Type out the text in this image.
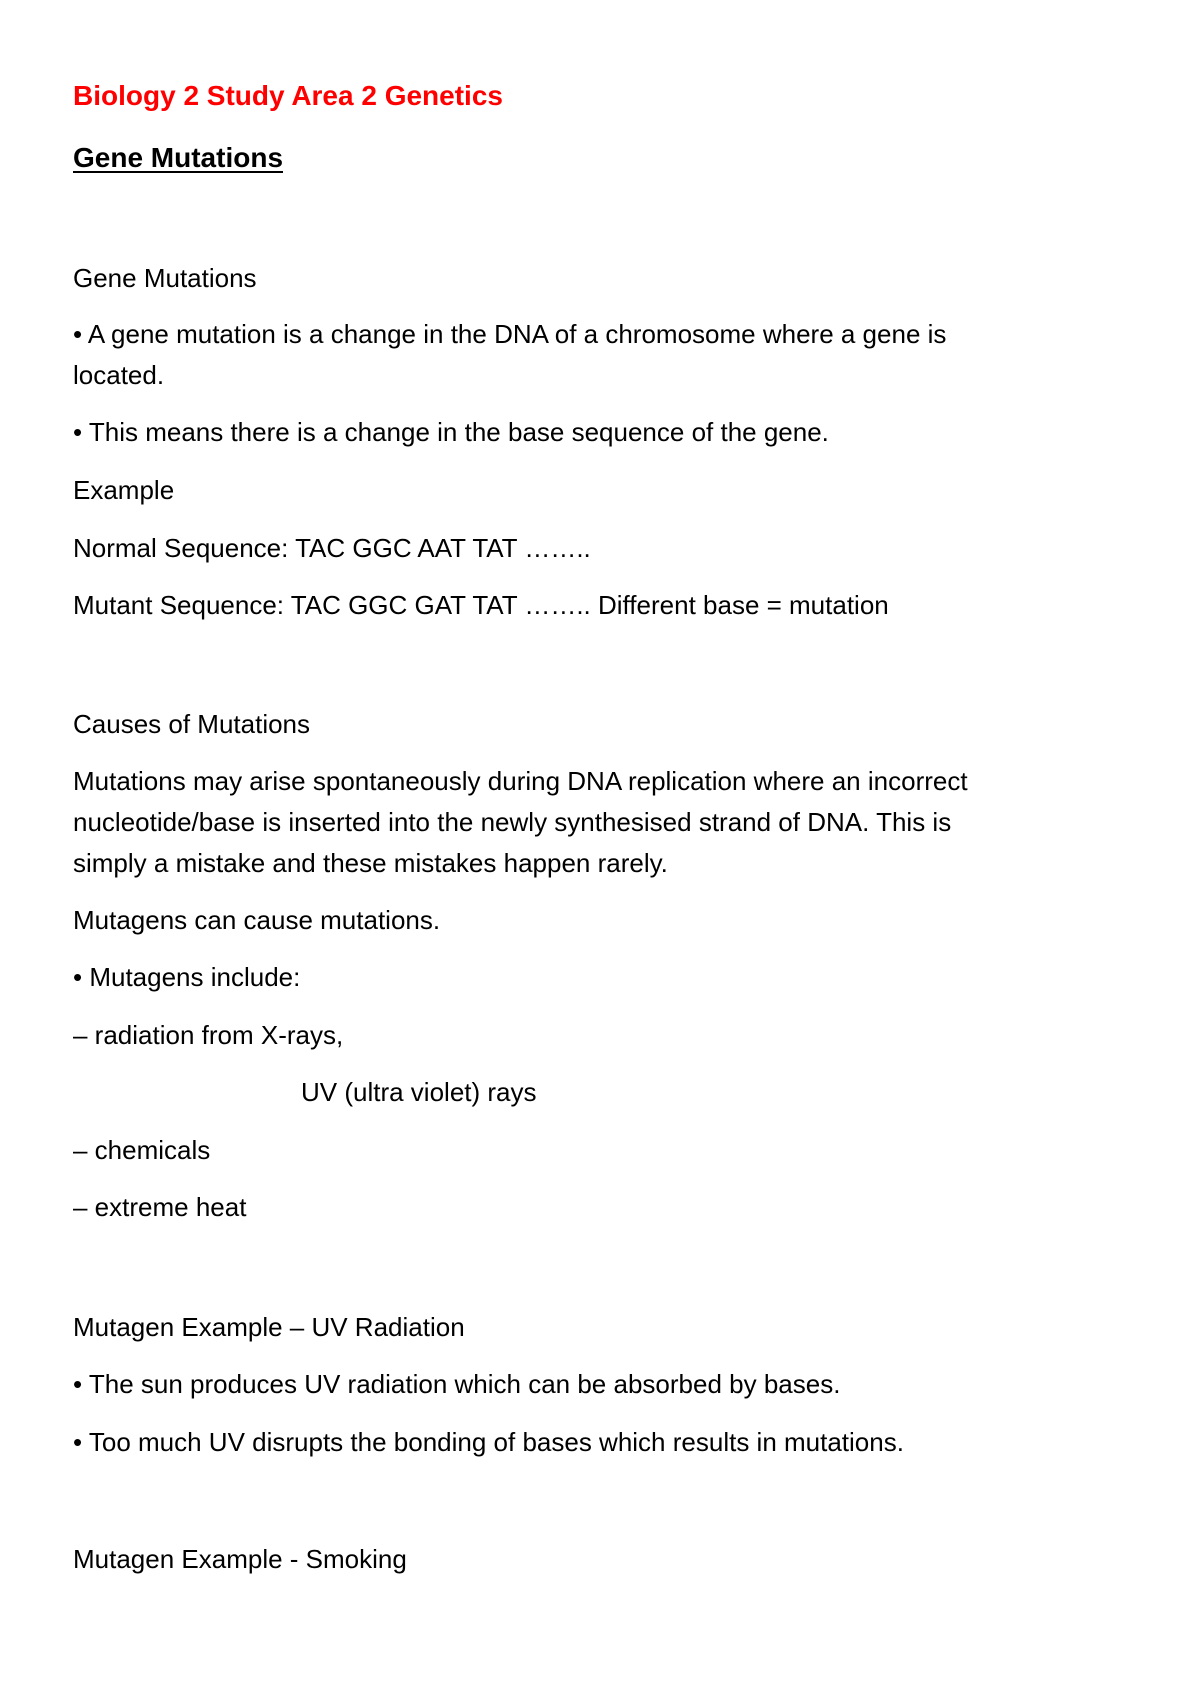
Biology 2 Study Area 2 Genetics
Gene Mutations
Gene Mutations
• A gene mutation is a change in the DNA of a chromosome where a gene is
located.
• This means there is a change in the base sequence of the gene.
Example
Normal Sequence: TAC GGC AAT TAT ……..
Mutant Sequence: TAC GGC GAT TAT …….. Different base = mutation
Causes of Mutations
Mutations may arise spontaneously during DNA replication where an incorrect
nucleotide/base is inserted into the newly synthesised strand of DNA. This is
simply a mistake and these mistakes happen rarely.
Mutagens can cause mutations.
• Mutagens include:
– radiation from X-rays,
UV (ultra violet) rays
– chemicals
– extreme heat
Mutagen Example – UV Radiation
• The sun produces UV radiation which can be absorbed by bases.
• Too much UV disrupts the bonding of bases which results in mutations.
Mutagen Example - Smoking
